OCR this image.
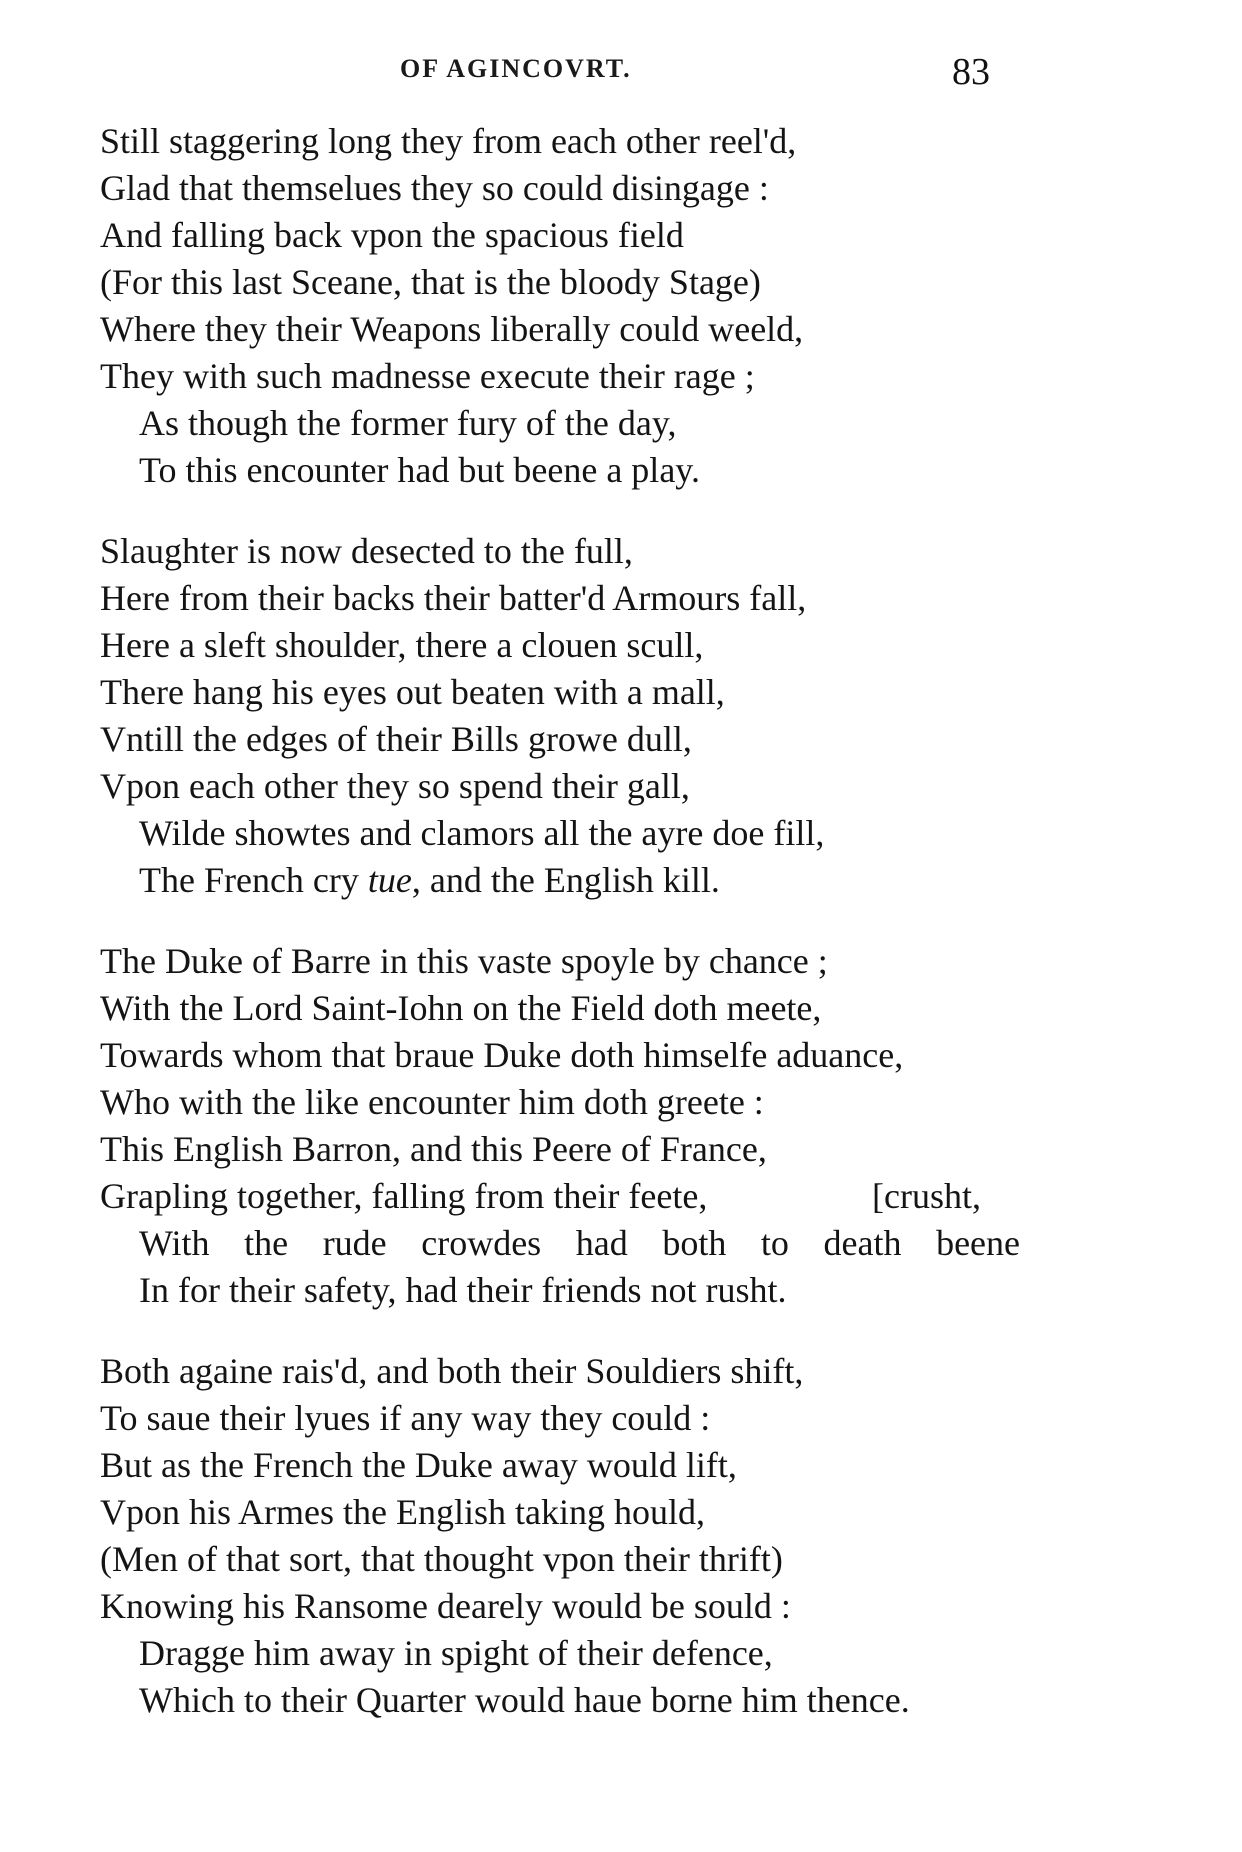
OF AGINCOVRT.	83
Still staggering long they from each other reel'd,
Glad that themselues they so could disingage :
And falling back vpon the spacious field
(For this last Sceane, that is the bloody Stage)
Where they their Weapons liberally could weeld,
They with such madnesse execute their rage ;
As though the former fury of the day,
To this encounter had but beene a play.
Slaughter is now desected to the full,
Here from their backs their batter'd Armours fall,
Here a sleft shoulder, there a clouen scull,
There hang his eyes out beaten with a mall,
Vntill the edges of their Bills growe dull,
Vpon each other they so spend their gall,
Wilde showtes and clamors all the ayre doe fill,
The French cry tue, and the English kill.
The Duke of Barre in this vaste spoyle by chance ;
With the Lord Saint-Iohn on the Field doth meete,
Towards whom that braue Duke doth himselfe aduance,
Who with the like encounter him doth greete :
This English Barron, and this Peere of France,
Grapling together, falling from their feete,	[crusht,
With the rude crowdes had both to death beene
In for their safety, had their friends not rusht.
Both againe rais'd, and both their Souldiers shift,
To saue their lyues if any way they could :
But as the French the Duke away would lift,
Vpon his Armes the English taking hould,
(Men of that sort, that thought vpon their thrift)
Knowing his Ransome dearely would be sould :
Dragge him away in spight of their defence,
Which to their Quarter would haue borne him thence.
